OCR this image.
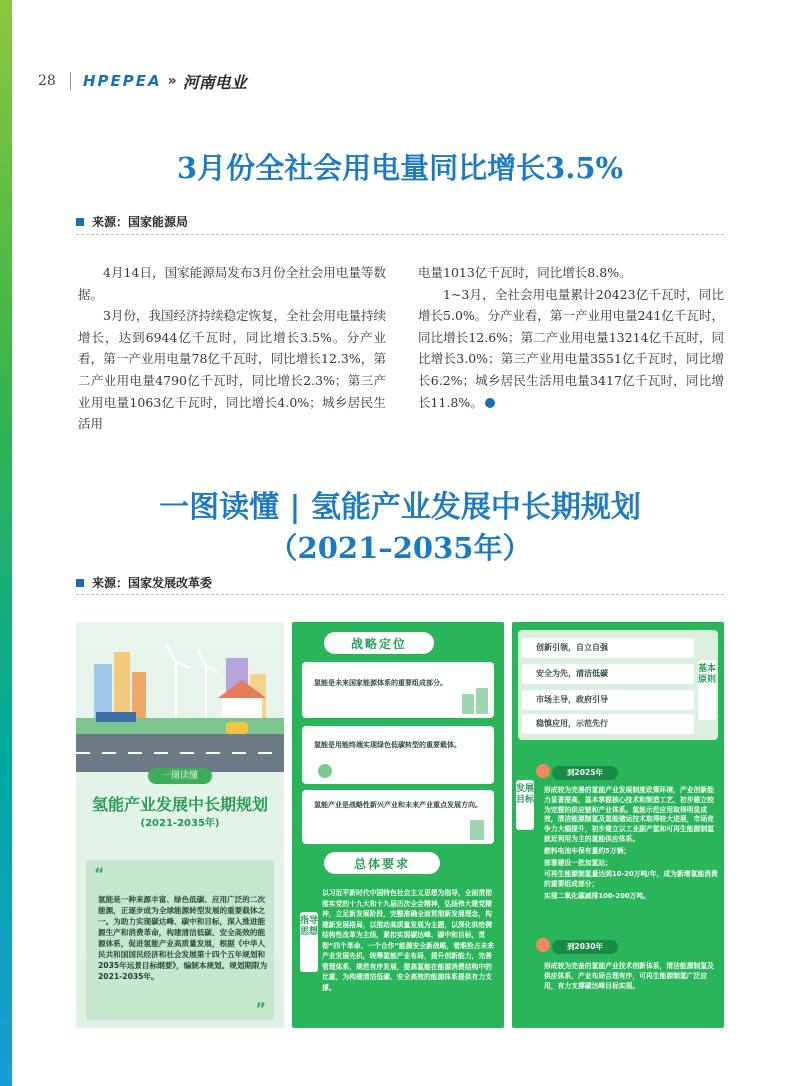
28	HPEPEA » 河南电业
3月份全社会用电量同比增长3.5%
来源：国家能源局

4月14日，国家能源局发布3月份全社会用电量等数据。

3月份，我国经济持续稳定恢复，全社会用电量持续增长，达到6944亿千瓦时，同比增长3.5%。分产业看，第一产业用电量78亿千瓦时，同比增长12.3%，第二产业用电量4790亿千瓦时，同比增长2.3%；第三产业用电量1063亿千瓦时，同比增长4.0%；城乡居民生活用

电量1013亿千瓦时，同比增长8.8%。

1~3月，全社会用电量累计20423亿千瓦时，同比增长5.0%。分产业看，第一产业用电量241亿千瓦时，同比增长12.6%；第二产业用电量13214亿千瓦时，同比增长3.0%；第三产业用电量3551亿千瓦时，同比增长6.2%；城乡居民生活用电量3417亿千瓦时，同比增长11.8%。

一图读懂 | 氢能产业发展中长期规划
（2021–2035年）
来源：国家发展改革委
一图读懂
氢能产业发展中长期规划
(2021-2035年)
“
氢能是一种来源丰富、绿色低碳、应用广泛的二次能源，正逐步成为全球能源转型发展的重要载体之一。为助力实现碳达峰、碳中和目标，深入推进能源生产和消费革命，构建清洁低碳、安全高效的能源体系，促进氢能产业高质量发展，根据《中华人民共和国国民经济和社会发展第十四个五年规划和2035年远景目标纲要》，编制本规划。规划期限为2021-2035年。
”
战略定位
氢能是未来国家能源体系的重要组成部分。
氢能是用能终端实现绿色低碳转型的重要载体。
氢能产业是战略性新兴产业和未来产业重点发展方向。
总体要求
指导思想
以习近平新时代中国特色社会主义思想为指导，全面贯彻落实党的十九大和十九届历次全会精神，弘扬伟大建党精神，立足新发展阶段，完整准确全面贯彻新发展理念，构建新发展格局，以推动高质量发展为主题，以深化供给侧结构性改革为主线，紧扣实现碳达峰、碳中和目标，贯彻“四个革命、一个合作”能源安全新战略，着眼抢占未来产业发展先机，统筹氢能产业布局，提升创新能力，完善管理体系，规范有序发展，提高氢能在能源消费结构中的比重，为构建清洁低碳、安全高效的能源体系提供有力支撑。
创新引领，自立自强
安全为先，清洁低碳
市场主导，政府引导
稳慎应用，示范先行
基本原则
发展目标
到2025年
形成较为完善的氢能产业发展制度政策环境，产业创新能力显著提高，基本掌握核心技术和制造工艺，初步建立较为完整的供应链和产业体系。氢能示范应用取得明显成效，清洁能源制氢及氢能储运技术取得较大进展，市场竞争力大幅提升，初步建立以工业副产氢和可再生能源制氢就近利用为主的氢能供应体系。
燃料电池车保有量约5万辆；
部署建设一批加氢站；
可再生能源制氢量达到10-20万吨/年，成为新增氢能消费的重要组成部分；
实现二氧化碳减排100-200万吨。
到2030年
形成较为完备的氢能产业技术创新体系，清洁能源制氢及供应体系，产业布局合理有序，可再生能源制氢广泛应用，有力支撑碳达峰目标实现。
